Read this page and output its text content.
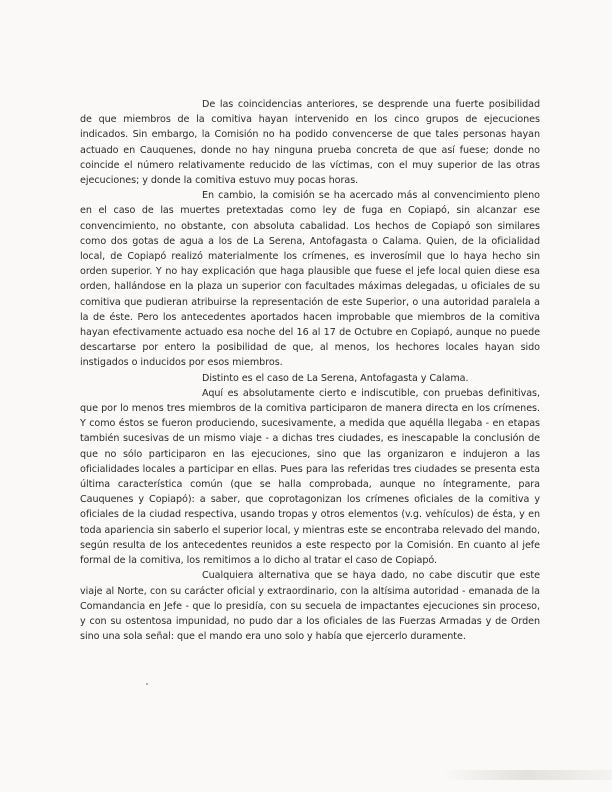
De las coincidencias anteriores, se desprende una fuerte posibilidad de que miembros de la comitiva hayan intervenido en los cinco grupos de ejecuciones indicados. Sin embargo, la Comisión no ha podido convencerse de que tales personas hayan actuado en Cauquenes, donde no hay ninguna prueba concreta de que así fuese; donde no coincide el número relativamente reducido de las víctimas, con el muy superior de las otras ejecuciones; y donde la comitiva estuvo muy pocas horas.

En cambio, la comisión se ha acercado más al convencimiento pleno en el caso de las muertes pretextadas como ley de fuga en Copiapó, sin alcanzar ese convencimiento, no obstante, con absoluta cabalidad. Los hechos de Copiapó son similares como dos gotas de agua a los de La Serena, Antofagasta o Calama. Quien, de la oficialidad local, de Copiapó realizó materialmente los crímenes, es inverosímil que lo haya hecho sin orden superior. Y no hay explicación que haga plausible que fuese el jefe local quien diese esa orden, hallándose en la plaza un superior con facultades máximas delegadas, u oficiales de su comitiva que pudieran atribuirse la representación de este Superior, o una autoridad paralela a la de éste. Pero los antecedentes aportados hacen improbable que miembros de la comitiva hayan efectivamente actuado esa noche del 16 al 17 de Octubre en Copiapó, aunque no puede descartarse por entero la posibilidad de que, al menos, los hechores locales hayan sido instigados o inducidos por esos miembros.

Distinto es el caso de La Serena, Antofagasta y Calama.

Aquí es absolutamente cierto e indiscutible, con pruebas definitivas, que por lo menos tres miembros de la comitiva participaron de manera directa en los crímenes. Y como éstos se fueron produciendo, sucesivamente, a medida que aquélla llegaba - en etapas también sucesivas de un mismo viaje - a dichas tres ciudades, es inescapable la conclusión de que no sólo participaron en las ejecuciones, sino que las organizaron e indujeron a las oficialidades locales a participar en ellas. Pues para las referidas tres ciudades se presenta esta última característica común (que se halla comprobada, aunque no íntegramente, para Cauquenes y Copiapó): a saber, que coprotagonizan los crímenes oficiales de la comitiva y oficiales de la ciudad respectiva, usando tropas y otros elementos (v.g. vehículos) de ésta, y en toda apariencia sin saberlo el superior local, y mientras este se encontraba relevado del mando, según resulta de los antecedentes reunidos a este respecto por la Comisión. En cuanto al jefe formal de la comitiva, los remitimos a lo dicho al tratar el caso de Copiapó.

Cualquiera alternativa que se haya dado, no cabe discutir que este viaje al Norte, con su carácter oficial y extraordinario, con la altísima autoridad - emanada de la Comandancia en Jefe - que lo presidía, con su secuela de impactantes ejecuciones sin proceso, y con su ostentosa impunidad, no pudo dar a los oficiales de las Fuerzas Armadas y de Orden sino una sola señal: que el mando era uno solo y había que ejercerlo duramente.
